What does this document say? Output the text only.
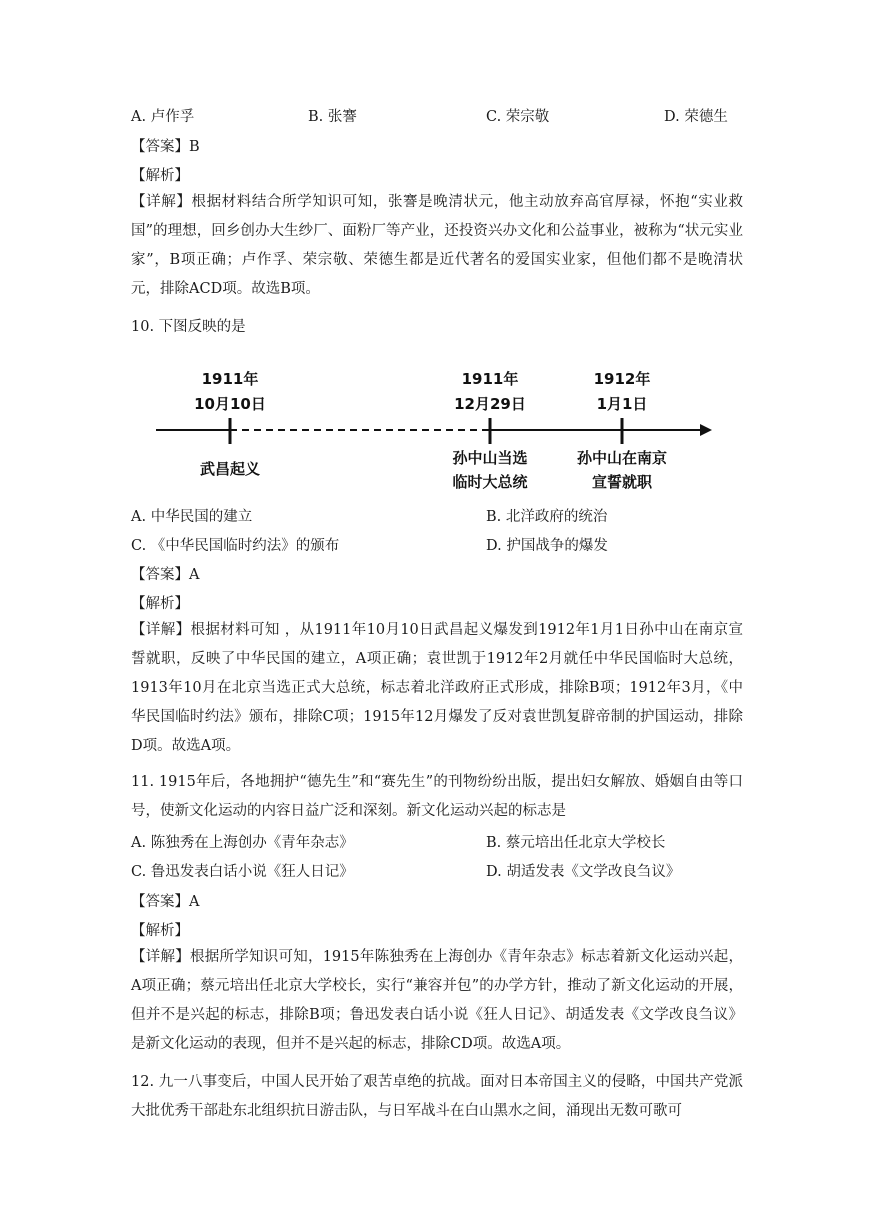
A. 卢作孚	B. 张謇	C. 荣宗敬	D. 荣德生
【答案】B
【解析】
【详解】根据材料结合所学知识可知，张謇是晚清状元，他主动放弃高官厚禄，怀抱“实业救国”的理想，回乡创办大生纱厂、面粉厂等产业，还投资兴办文化和公益事业，被称为“状元实业家”，B项正确；卢作孚、荣宗敬、荣德生都是近代著名的爱国实业家，但他们都不是晚清状元，排除ACD项。故选B项。
10. 下图反映的是
1911年
10月10日
1911年
12月29日
1912年
1月1日
武昌起义
孙中山当选
临时大总统
孙中山在南京
宣誓就职
A. 中华民国的建立	B. 北洋政府的统治
C. 《中华民国临时约法》的颁布	D. 护国战争的爆发
【答案】A
【解析】
【详解】根据材料可知 ，从1911年10月10日武昌起义爆发到1912年1月1日孙中山在南京宣誓就职，反映了中华民国的建立，A项正确；袁世凯于1912年2月就任中华民国临时大总统，1913年10月在北京当选正式大总统，标志着北洋政府正式形成，排除B项；1912年3月，《中华民国临时约法》颁布，排除C项；1915年12月爆发了反对袁世凯复辟帝制的护国运动，排除D项。故选A项。
11. 1915年后，各地拥护“德先生”和“赛先生”的刊物纷纷出版，提出妇女解放、婚姻自由等口号，使新文化运动的内容日益广泛和深刻。新文化运动兴起的标志是
A. 陈独秀在上海创办《青年杂志》	B. 蔡元培出任北京大学校长
C. 鲁迅发表白话小说《狂人日记》	D. 胡适发表《文学改良刍议》
【答案】A
【解析】
【详解】根据所学知识可知，1915年陈独秀在上海创办《青年杂志》标志着新文化运动兴起，A项正确；蔡元培出任北京大学校长，实行“兼容并包”的办学方针，推动了新文化运动的开展，但并不是兴起的标志，排除B项；鲁迅发表白话小说《狂人日记》、胡适发表《文学改良刍议》是新文化运动的表现，但并不是兴起的标志，排除CD项。故选A项。
12. 九一八事变后，中国人民开始了艰苦卓绝的抗战。面对日本帝国主义的侵略，中国共产党派大批优秀干部赴东北组织抗日游击队，与日军战斗在白山黑水之间，涌现出无数可歌可
